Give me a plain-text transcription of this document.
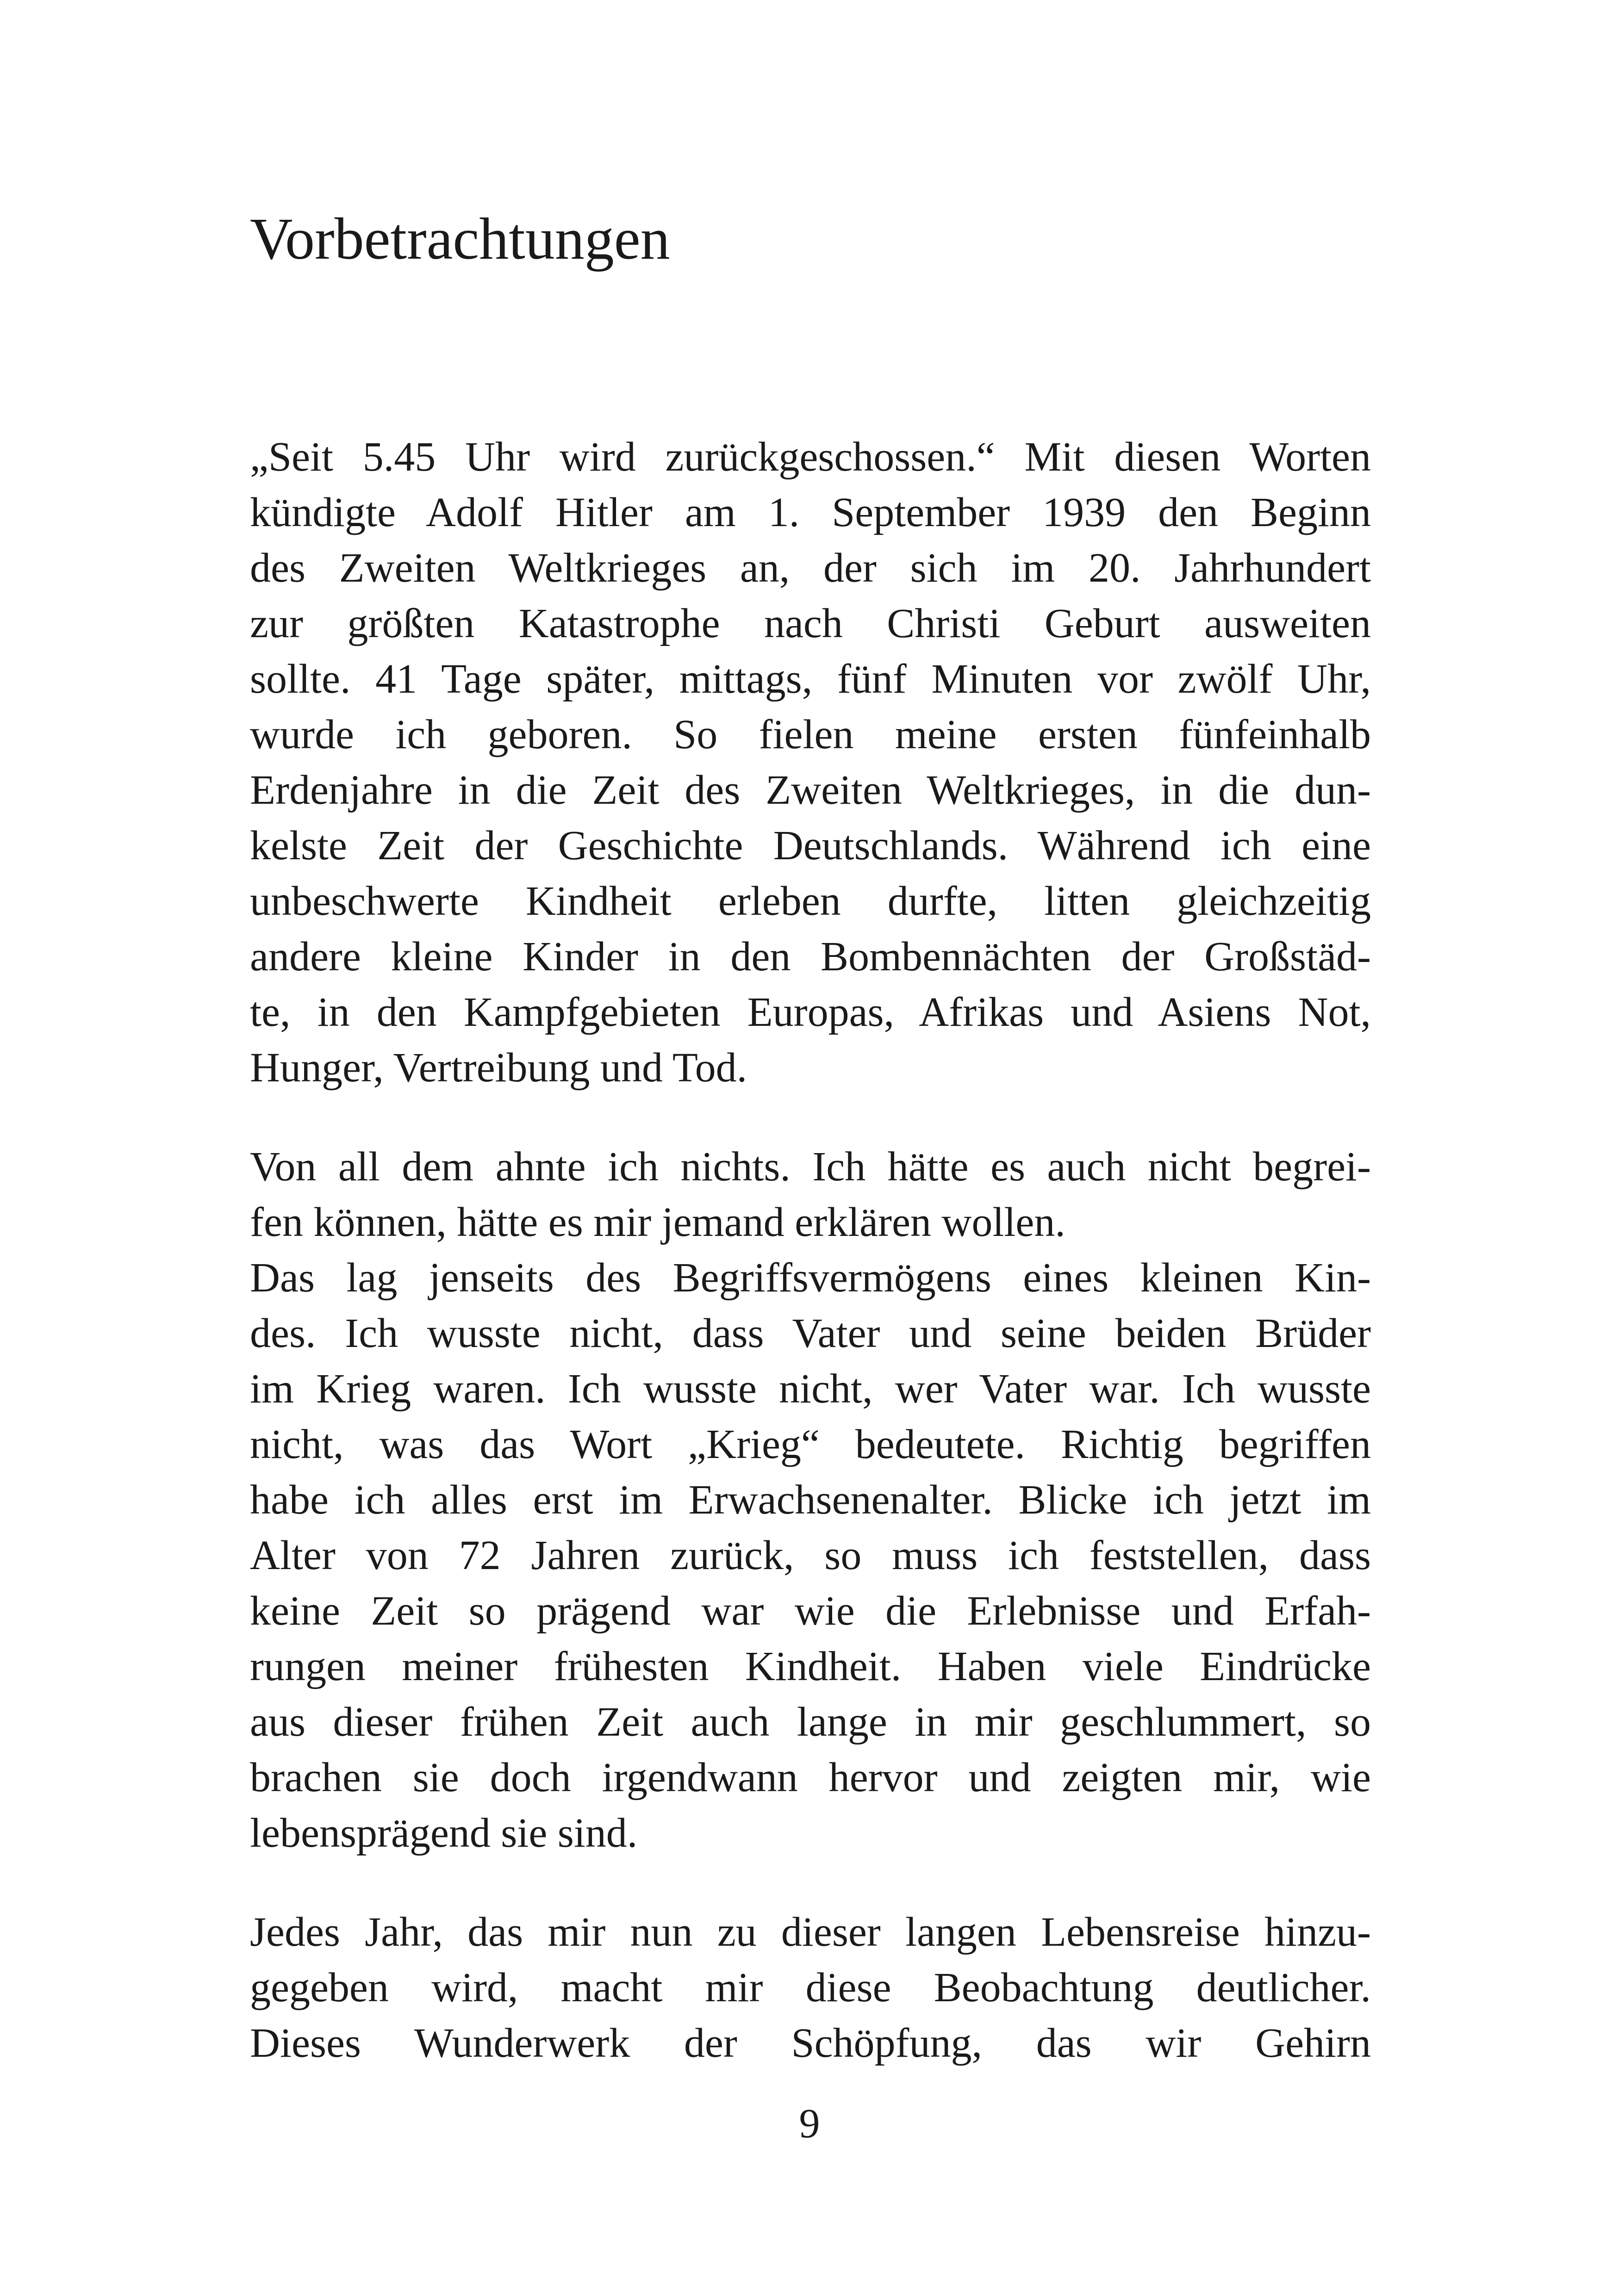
Vorbetrachtungen

„Seit 5.45 Uhr wird zurückgeschossen.“ Mit diesen Worten
kündigte Adolf Hitler am 1. September 1939 den Beginn
des Zweiten Weltkrieges an, der sich im 20. Jahrhundert
zur größten Katastrophe nach Christi Geburt ausweiten
sollte. 41 Tage später, mittags, fünf Minuten vor zwölf Uhr,
wurde ich geboren. So fielen meine ersten fünfeinhalb
Erdenjahre in die Zeit des Zweiten Weltkrieges, in die dun-
kelste Zeit der Geschichte Deutschlands. Während ich eine
unbeschwerte Kindheit erleben durfte, litten gleichzeitig
andere kleine Kinder in den Bombennächten der Großstäd-
te, in den Kampfgebieten Europas, Afrikas und Asiens Not,
Hunger, Vertreibung und Tod.

Von all dem ahnte ich nichts. Ich hätte es auch nicht begrei-
fen können, hätte es mir jemand erklären wollen.

Das lag jenseits des Begriffsvermögens eines kleinen Kin-
des. Ich wusste nicht, dass Vater und seine beiden Brüder
im Krieg waren. Ich wusste nicht, wer Vater war. Ich wusste
nicht, was das Wort „Krieg“ bedeutete. Richtig begriffen
habe ich alles erst im Erwachsenenalter. Blicke ich jetzt im
Alter von 72 Jahren zurück, so muss ich feststellen, dass
keine Zeit so prägend war wie die Erlebnisse und Erfah-
rungen meiner frühesten Kindheit. Haben viele Eindrücke
aus dieser frühen Zeit auch lange in mir geschlummert, so
brachen sie doch irgendwann hervor und zeigten mir, wie
lebensprägend sie sind.

Jedes Jahr, das mir nun zu dieser langen Lebensreise hinzu-
gegeben wird, macht mir diese Beobachtung deutlicher.
Dieses Wunderwerk der Schöpfung, das wir Gehirn

9
